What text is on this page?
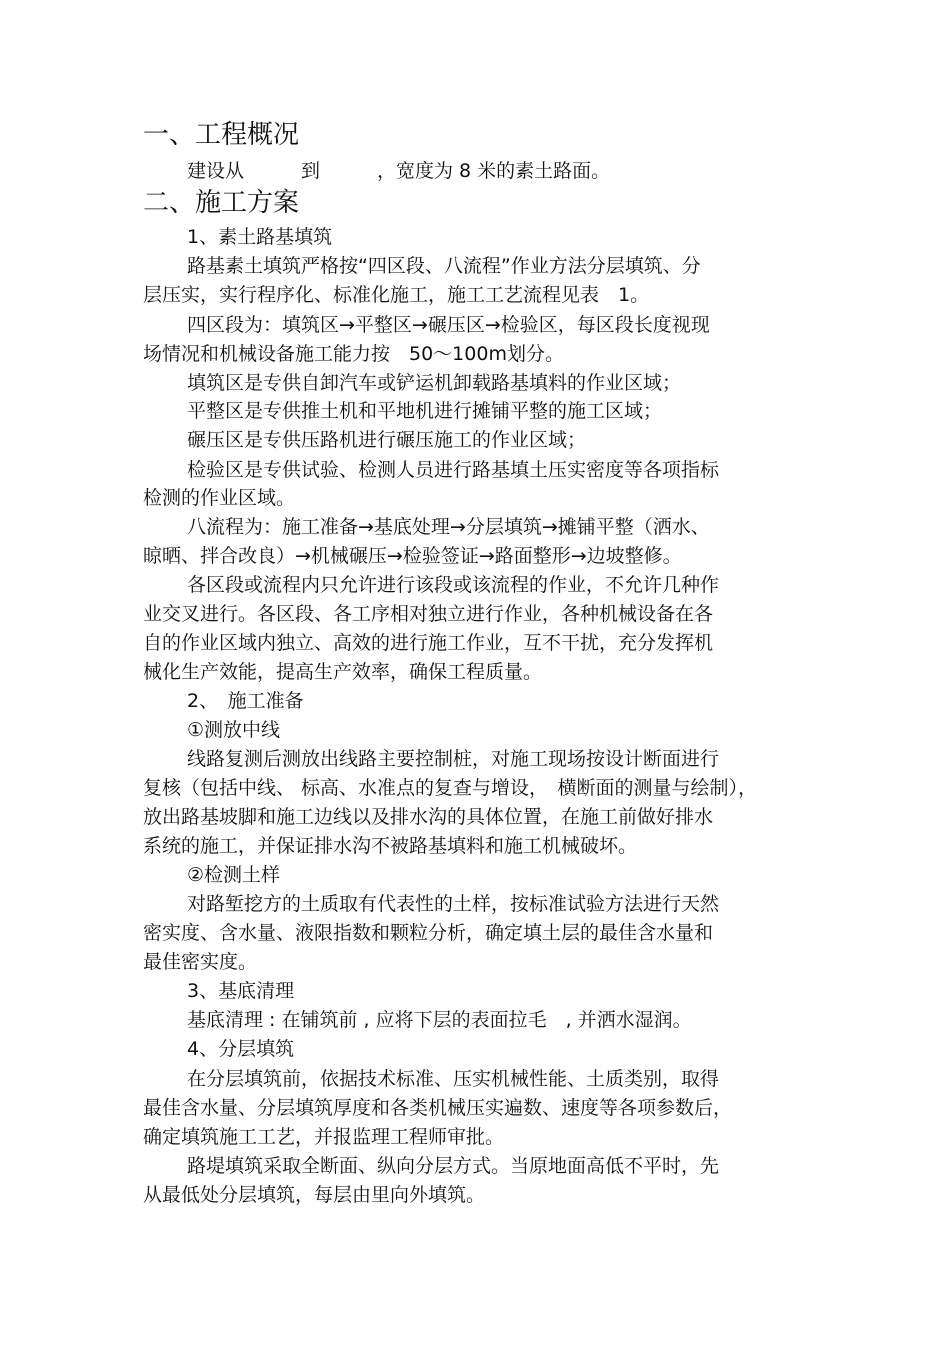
一、工程概况
建设从　　　到　　　，宽度为 8 米的素土路面。
二、施工方案
1、素土路基填筑
路基素土填筑严格按“四区段、八流程”作业方法分层填筑、分
层压实，实行程序化、标准化施工，施工工艺流程见表　1。
四区段为：填筑区→平整区→碾压区→检验区，每区段长度视现
场情况和机械设备施工能力按　50～100m划分。
填筑区是专供自卸汽车或铲运机卸载路基填料的作业区域；
平整区是专供推土机和平地机进行摊铺平整的施工区域；
碾压区是专供压路机进行碾压施工的作业区域；
检验区是专供试验、检测人员进行路基填土压实密度等各项指标
检测的作业区域。
八流程为：施工准备→基底处理→分层填筑→摊铺平整（洒水、
晾晒、拌合改良）→机械碾压→检验签证→路面整形→边坡整修。
各区段或流程内只允许进行该段或该流程的作业，不允许几种作
业交叉进行。各区段、各工序相对独立进行作业，各种机械设备在各
自的作业区域内独立、高效的进行施工作业，互不干扰，充分发挥机
械化生产效能，提高生产效率，确保工程质量。
2、　施工准备
①测放中线
线路复测后测放出线路主要控制桩，对施工现场按设计断面进行
复核（包括中线、 标高、水准点的复查与增设，　横断面的测量与绘制），
放出路基坡脚和施工边线以及排水沟的具体位置，在施工前做好排水
系统的施工，并保证排水沟不被路基填料和施工机械破坏。
②检测土样
对路堑挖方的土质取有代表性的土样，按标准试验方法进行天然
密实度、含水量、液限指数和颗粒分析，确定填土层的最佳含水量和
最佳密实度。
3、基底清理
基底清理 : 在铺筑前 , 应将下层的表面拉毛　, 并洒水湿润。
4、分层填筑
在分层填筑前，依据技术标准、压实机械性能、土质类别，取得
最佳含水量、分层填筑厚度和各类机械压实遍数、速度等各项参数后，
确定填筑施工工艺，并报监理工程师审批。
路堤填筑采取全断面、纵向分层方式。当原地面高低不平时，先
从最低处分层填筑，每层由里向外填筑。
